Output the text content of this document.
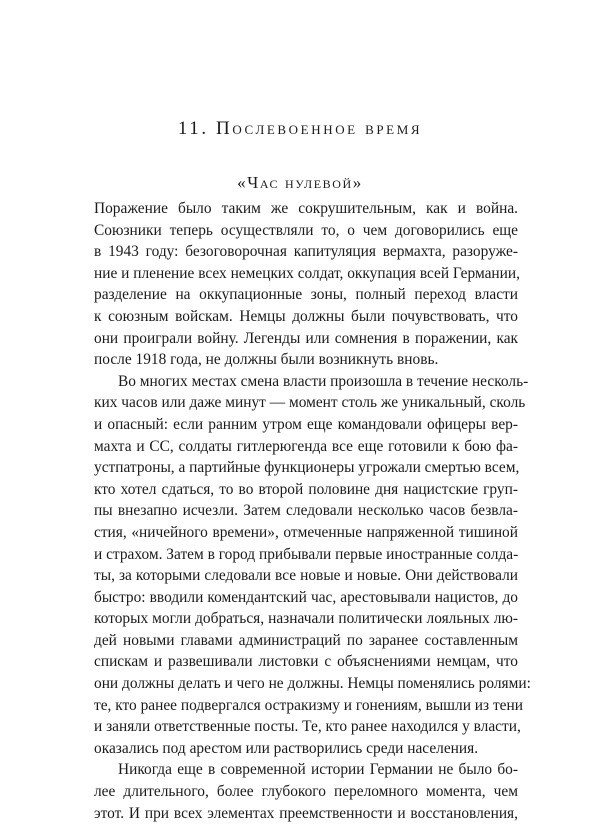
11. Послевоенное время
«Час нулевой»
Поражение было таким же сокрушительным, как и война.
Союзники теперь осуществляли то, о чем договорились еще
в 1943 году: безоговорочная капитуляция вермахта, разоруже-
ние и пленение всех немецких солдат, оккупация всей Германии,
разделение на оккупационные зоны, полный переход власти
к союзным войскам. Немцы должны были почувствовать, что
они проиграли войну. Легенды или сомнения в поражении, как
после 1918 года, не должны были возникнуть вновь.
Во многих местах смена власти произошла в течение несколь-
ких часов или даже минут — момент столь же уникальный, сколь
и опасный: если ранним утром еще командовали офицеры вер-
махта и СС, солдаты гитлерюгенда все еще готовили к бою фа-
устпатроны, а партийные функционеры угрожали смертью всем,
кто хотел сдаться, то во второй половине дня нацистские груп-
пы внезапно исчезли. Затем следовали несколько часов безвла-
стия, «ничейного времени», отмеченные напряженной тишиной
и страхом. Затем в город прибывали первые иностранные солда-
ты, за которыми следовали все новые и новые. Они действовали
быстро: вводили комендантский час, арестовывали нацистов, до
которых могли добраться, назначали политически лояльных лю-
дей новыми главами администраций по заранее составленным
спискам и развешивали листовки с объяснениями немцам, что
они должны делать и чего не должны. Немцы поменялись ролями:
те, кто ранее подвергался остракизму и гонениям, вышли из тени
и заняли ответственные посты. Те, кто ранее находился у власти,
оказались под арестом или растворились среди населения.
Никогда еще в современной истории Германии не было бо-
лее длительного, более глубокого переломного момента, чем
этот. И при всех элементах преемственности и восстановления,
